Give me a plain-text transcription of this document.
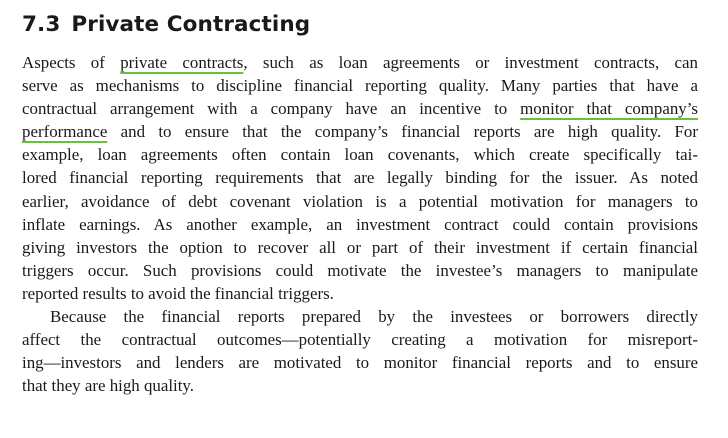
7.3 Private Contracting
Aspects of private contracts, such as loan agreements or investment contracts, can
serve as mechanisms to discipline financial reporting quality. Many parties that have a
contractual arrangement with a company have an incentive to monitor that company’s
performance and to ensure that the company’s financial reports are high quality. For
example, loan agreements often contain loan covenants, which create specifically tai-
lored financial reporting requirements that are legally binding for the issuer. As noted
earlier, avoidance of debt covenant violation is a potential motivation for managers to
inflate earnings. As another example, an investment contract could contain provisions
giving investors the option to recover all or part of their investment if certain financial
triggers occur. Such provisions could motivate the investee’s managers to manipulate
reported results to avoid the financial triggers.
Because the financial reports prepared by the investees or borrowers directly
affect the contractual outcomes—potentially creating a motivation for misreport-
ing—investors and lenders are motivated to monitor financial reports and to ensure
that they are high quality.
